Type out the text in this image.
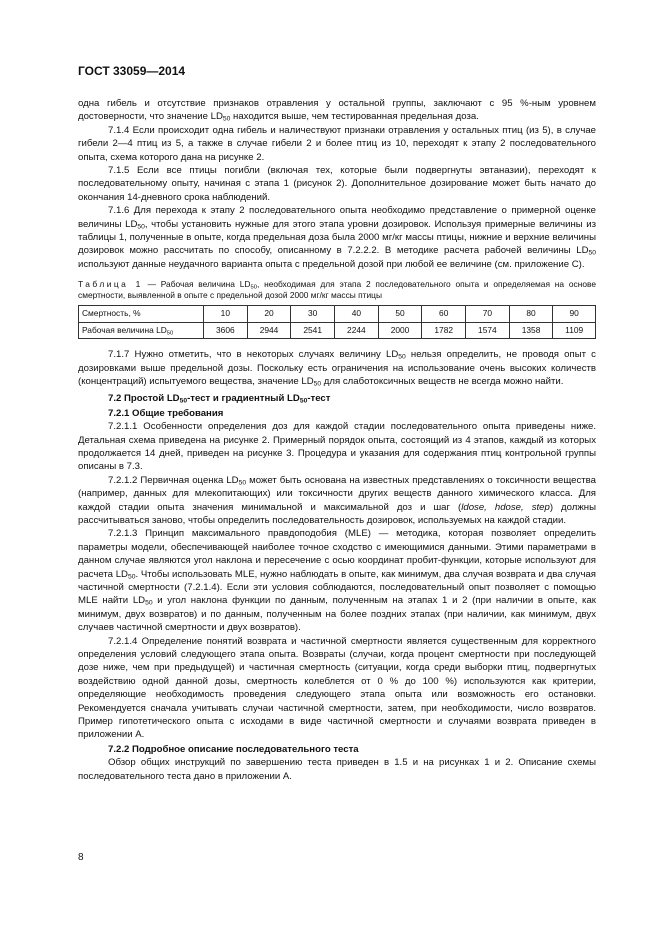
ГОСТ 33059—2014

одна гибель и отсутствие признаков отравления у остальной группы, заключают с 95 %-ным уровнем достоверности, что значение $LD_{50}$ находится выше, чем тестированная предельная доза.

7.1.4 Если происходит одна гибель и наличествуют признаки отравления у остальных птиц (из 5), в случае гибели 2—4 птиц из 5, а также в случае гибели 2 и более птиц из 10, переходят к этапу 2 последовательного опыта, схема которого дана на рисунке 2.

7.1.5 Если все птицы погибли (включая тех, которые были подвергнуты эвтаназии), переходят к последовательному опыту, начиная с этапа 1 (рисунок 2). Дополнительное дозирование может быть начато до окончания 14-дневного срока наблюдений.

7.1.6 Для перехода к этапу 2 последовательного опыта необходимо представление о примерной оценке величины $LD_{50}$, чтобы установить нужные для этого этапа уровни дозировок. Используя примерные величины из таблицы 1, полученные в опыте, когда предельная доза была 2000 мг/кг массы птицы, нижние и верхние величины дозировок можно рассчитать по способу, описанному в 7.2.2.2. В методике расчета рабочей величины $LD_{50}$ используют данные неудачного варианта опыта с предельной дозой при любой ее величине (см. приложение С).

Таблица 1 — Рабочая величина $LD_{50}$, необходимая для этапа 2 последовательного опыта и определяемая на основе смертности, выявленной в опыте с предельной дозой 2000 мг/кг массы птицы
Смертность, %	10	20	30	40	50	60	70	80	90
Рабочая величина $LD_{50}$	3606	2944	2541	2244	2000	1782	1574	1358	1109

7.1.7 Нужно отметить, что в некоторых случаях величину $LD_{50}$ нельзя определить, не проводя опыт с дозировками выше предельной дозы. Поскольку есть ограничения на использование очень высоких количеств (концентраций) испытуемого вещества, значение $LD_{50}$ для слаботоксичных веществ не всегда можно найти.

7.2 Простой $LD_{50}$-тест и градиентный $LD_{50}$-тест

7.2.1 Общие требования

7.2.1.1 Особенности определения доз для каждой стадии последовательного опыта приведены ниже. Детальная схема приведена на рисунке 2. Примерный порядок опыта, состоящий из 4 этапов, каждый из которых продолжается 14 дней, приведен на рисунке 3. Процедура и указания для содержания птиц контрольной группы описаны в 7.3.

7.2.1.2 Первичная оценка $LD_{50}$ может быть основана на известных представлениях о токсичности вещества (например, данных для млекопитающих) или токсичности других веществ данного химического класса. Для каждой стадии опыта значения минимальной и максимальной доз и шаг (ldose, hdose, step) должны рассчитываться заново, чтобы определить последовательность дозировок, используемых на каждой стадии.

7.2.1.3 Принцип максимального правдоподобия (MLE) — методика, которая позволяет определить параметры модели, обеспечивающей наиболее точное сходство с имеющимися данными. Этими параметрами в данном случае являются угол наклона и пересечение с осью координат пробит-функции, которые используют для расчета $LD_{50}$. Чтобы использовать MLE, нужно наблюдать в опыте, как минимум, два случая возврата и два случая частичной смертности (7.2.1.4). Если эти условия соблюдаются, последовательный опыт позволяет с помощью MLE найти $LD_{50}$ и угол наклона функции по данным, полученным на этапах 1 и 2 (при наличии в опыте, как минимум, двух возвратов) и по данным, полученным на более поздних этапах (при наличии, как минимум, двух случаев частичной смертности и двух возвратов).

7.2.1.4 Определение понятий возврата и частичной смертности является существенным для корректного определения условий следующего этапа опыта. Возвраты (случаи, когда процент смертности при последующей дозе ниже, чем при предыдущей) и частичная смертность (ситуации, когда среди выборки птиц, подвергнутых воздействию одной данной дозы, смертность колеблется от 0 % до 100 %) используются как критерии, определяющие необходимость проведения следующего этапа опыта или возможность его остановки. Рекомендуется сначала учитывать случаи частичной смертности, затем, при необходимости, число возвратов. Пример гипотетического опыта с исходами в виде частичной смертности и случаями возврата приведен в приложении А.

7.2.2 Подробное описание последовательного теста

Обзор общих инструкций по завершению теста приведен в 1.5 и на рисунках 1 и 2. Описание схемы последовательного теста дано в приложении А.

8
